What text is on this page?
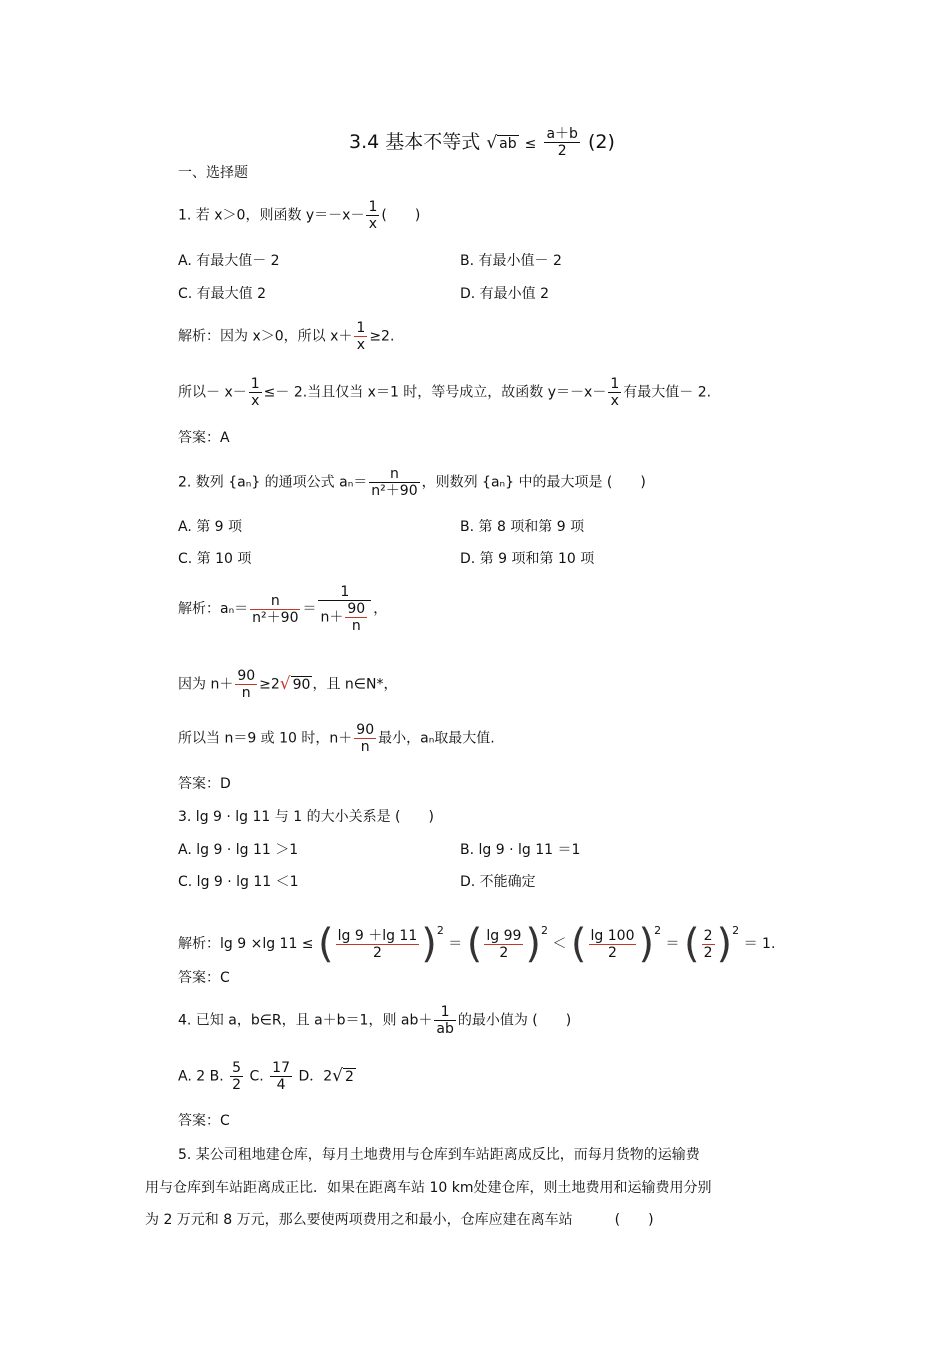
3.4 基本不等式 √ ab ≤ $\frac{a+b}{2} (2)$
一、选择题
1. 若 x＞0，则函数 $y=-x- \frac{1}{x}$ (　　)
A. 有最大值－ 2	B. 有最小值－ 2
C. 有最大值 2	D. 有最小值 2
解析：因为 x＞0，所以 $x+ \frac{1}{x} \ge 2$.
所以－ $x- \frac{1}{x} \le- 2$.当且仅当 x＝1 时，等号成立，故函数 $y=-x- \frac{1}{x}$ 有最大值－ 2.
答案：A
2. 数列 {aₙ} 的通项公式 $a_n= \frac{n}{\text{n²＋90}}$ ，则数列 {aₙ} 中的最大项是 (　　)
A. 第 9 项	B. 第 8 项和第 9 项
C. 第 10 项	D. 第 9 项和第 10 项
解析：$a_n= \frac{n}{\text{n²＋90}} = \frac{1}{n+ \frac{90}{n}}$ ，
因为 $n+ \frac{90}{n} \ge 2√$ 90 ，且 n∈N*，
所以当 n＝9 或 10 时，$n+ \frac{90}{n}$ 最小，aₙ取最大值.
答案：D
3. lg 9 · lg 11 与 1 的大小关系是 (　　)
A. lg 9 · lg 11 ＞1	B. lg 9 · lg 11 ＝1
C. lg 9 · lg 11 ＜1	D. 不能确定
解析：lg 9 ×lg 11 ≤ ( $\frac{\lg 9 +\lg 11}{2} )^2$ ＝ ( $\frac{\lg 99}{2} )^2$ ＜ ( $\frac{\lg 100}{2} )^2$ ＝ ( $\frac{2}{2} )^2 = 1$.
答案：C
4. 已知 a，b∈R，且 a＋b＝1，则 $ab+ \frac{1}{ab}$ 的最小值为 (　　)
A. 2 B. $\frac{5}{2} C$. $\frac{17}{4}$ D．2√ 2
答案：C
5. 某公司租地建仓库，每月土地费用与仓库到车站距离成反比，而每月货物的运输费
用与仓库到车站距离成正比．如果在距离车站 10 km处建仓库，则土地费用和运输费用分别
为 2 万元和 8 万元，那么要使两项费用之和最小，仓库应建在离车站　　　(　　)
